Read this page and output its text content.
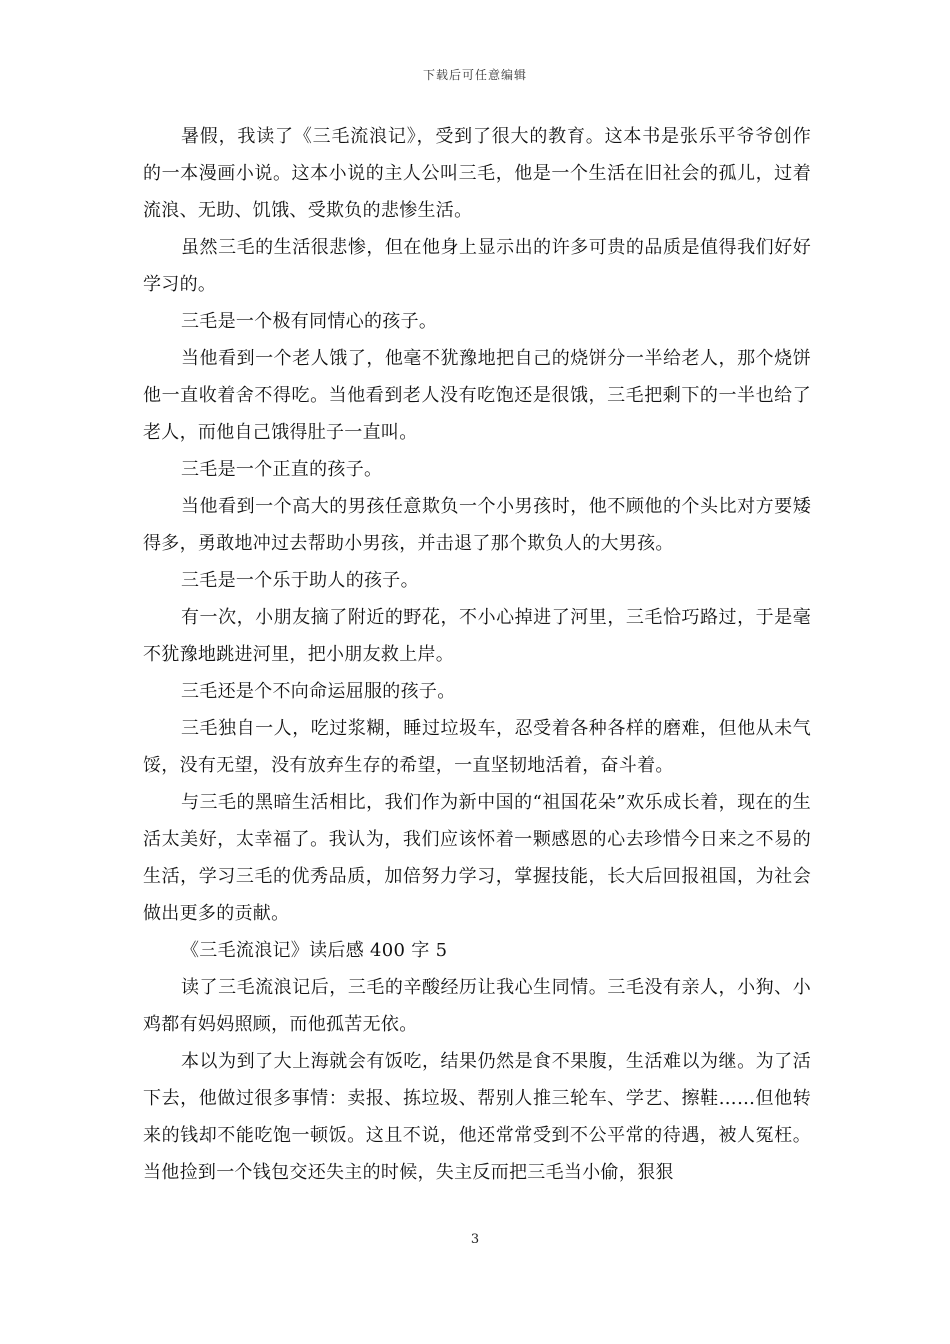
下载后可任意编辑

暑假，我读了《三毛流浪记》，受到了很大的教育。这本书是张乐平爷爷创作的一本漫画小说。这本小说的主人公叫三毛，他是一个生活在旧社会的孤儿，过着流浪、无助、饥饿、受欺负的悲惨生活。

虽然三毛的生活很悲惨，但在他身上显示出的许多可贵的品质是值得我们好好学习的。

三毛是一个极有同情心的孩子。

当他看到一个老人饿了，他毫不犹豫地把自己的烧饼分一半给老人，那个烧饼他一直收着舍不得吃。当他看到老人没有吃饱还是很饿，三毛把剩下的一半也给了老人，而他自己饿得肚子一直叫。

三毛是一个正直的孩子。

当他看到一个高大的男孩任意欺负一个小男孩时，他不顾他的个头比对方要矮得多，勇敢地冲过去帮助小男孩，并击退了那个欺负人的大男孩。

三毛是一个乐于助人的孩子。

有一次，小朋友摘了附近的野花，不小心掉进了河里，三毛恰巧路过，于是毫不犹豫地跳进河里，把小朋友救上岸。

三毛还是个不向命运屈服的孩子。

三毛独自一人，吃过浆糊，睡过垃圾车，忍受着各种各样的磨难，但他从未气馁，没有无望，没有放弃生存的希望，一直坚韧地活着，奋斗着。

与三毛的黑暗生活相比，我们作为新中国的“祖国花朵”欢乐成长着，现在的生活太美好，太幸福了。我认为，我们应该怀着一颗感恩的心去珍惜今日来之不易的生活，学习三毛的优秀品质，加倍努力学习，掌握技能，长大后回报祖国，为社会做出更多的贡献。

《三毛流浪记》读后感 400 字 5

读了三毛流浪记后，三毛的辛酸经历让我心生同情。三毛没有亲人，小狗、小鸡都有妈妈照顾，而他孤苦无依。

本以为到了大上海就会有饭吃，结果仍然是食不果腹，生活难以为继。为了活下去，他做过很多事情：卖报、拣垃圾、帮别人推三轮车、学艺、擦鞋……但他转来的钱却不能吃饱一顿饭。这且不说，他还常常受到不公平常的待遇，被人冤枉。当他捡到一个钱包交还失主的时候，失主反而把三毛当小偷，狠狠

3
